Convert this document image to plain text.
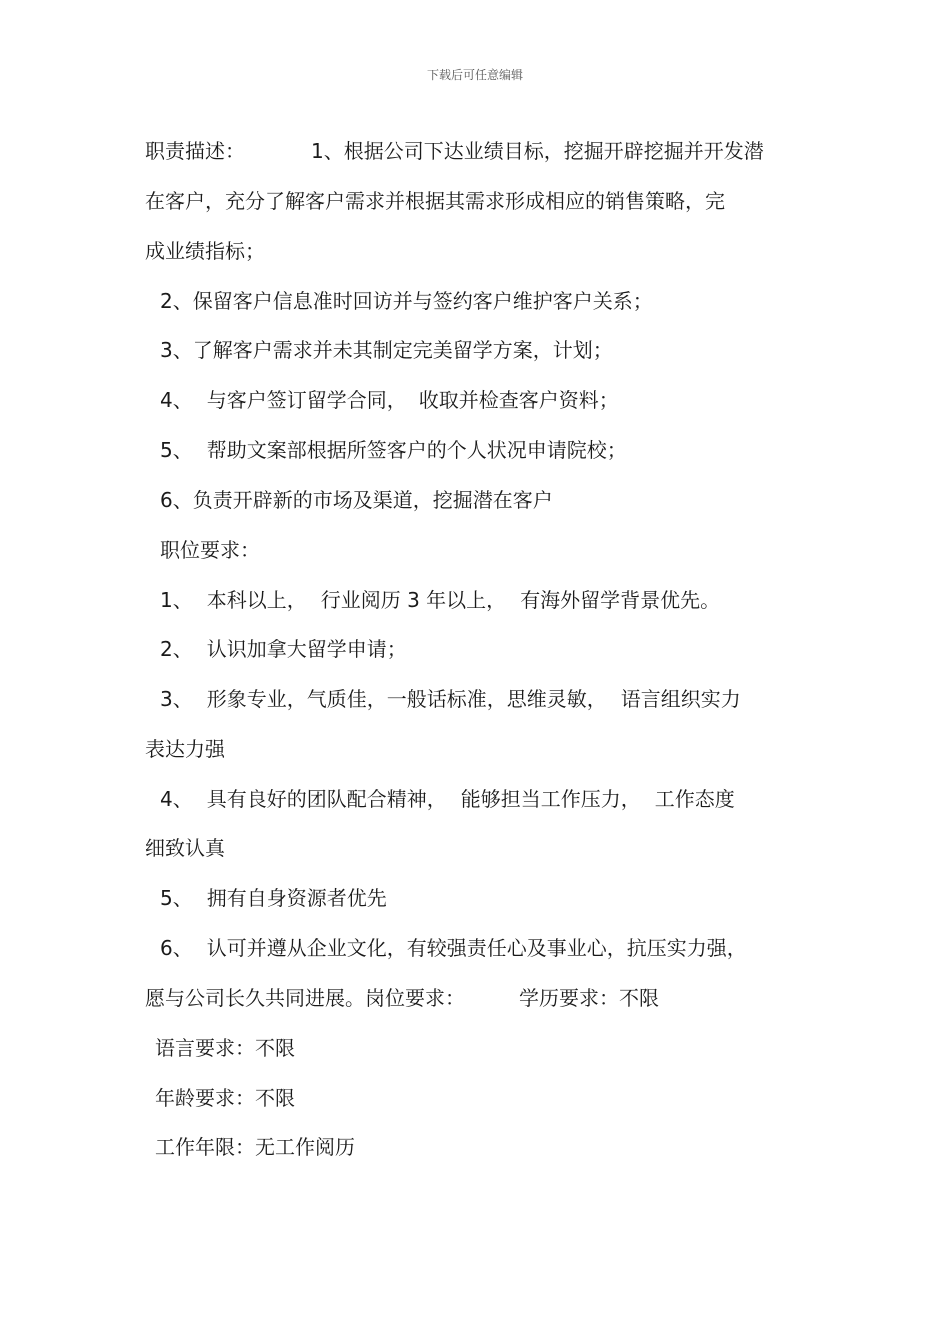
下载后可任意编辑
职责描述：	1、根据公司下达业绩目标，挖掘开辟挖掘并开发潜
在客户，充分了解客户需求并根据其需求形成相应的销售策略，完
成业绩指标；
2、保留客户信息准时回访并与签约客户维护客户关系；
3、了解客户需求并未其制定完美留学方案，计划；
4、 与客户签订留学合同， 收取并检查客户资料；
5、 帮助文案部根据所签客户的个人状况申请院校；
6、负责开辟新的市场及渠道，挖掘潜在客户
职位要求：
1、 本科以上， 行业阅历 3 年以上， 有海外留学背景优先。
2、 认识加拿大留学申请；
3、 形象专业，气质佳，一般话标准，思维灵敏， 语言组织实力
表达力强
4、 具有良好的团队配合精神， 能够担当工作压力， 工作态度
细致认真
5、 拥有自身资源者优先
6、 认可并遵从企业文化，有较强责任心及事业心，抗压实力强，
愿与公司长久共同进展。岗位要求：	学历要求：不限
语言要求：不限
年龄要求：不限
工作年限：无工作阅历
